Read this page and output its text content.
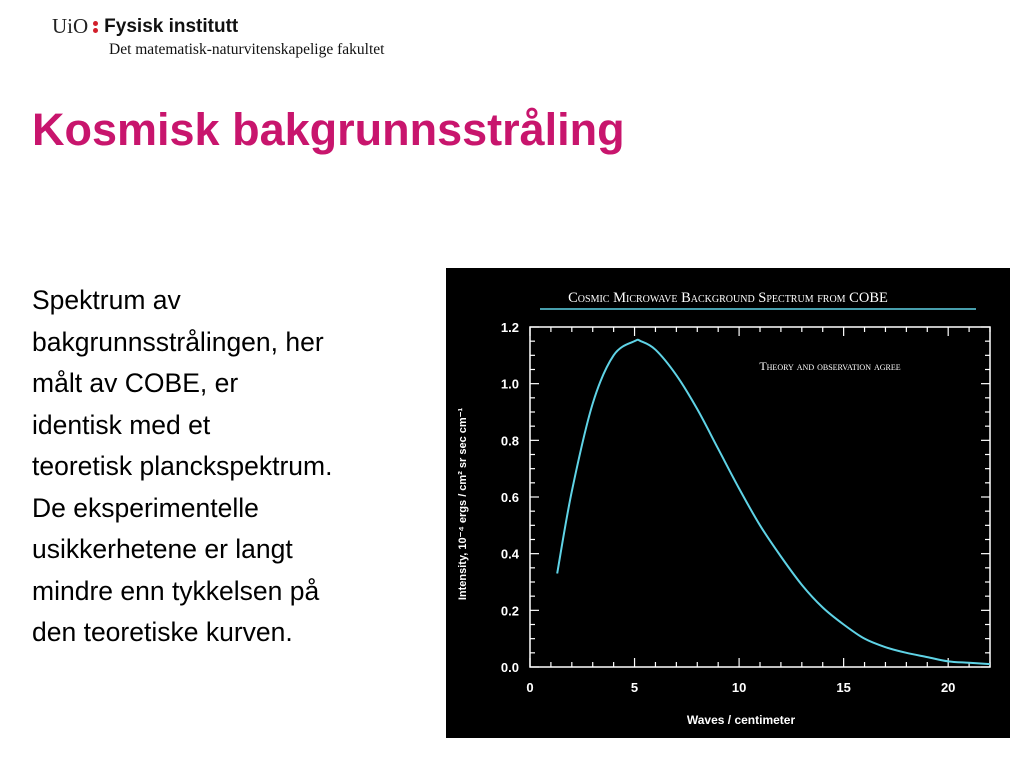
UiO Fysisk institutt
Det matematisk-naturvitenskapelige fakultet
Kosmisk bakgrunnsstråling
Spektrum av
bakgrunnsstrålingen, her
målt av COBE, er
identisk med et
teoretisk planckspektrum.
De eksperimentelle
usikkerhetene er langt
mindre enn tykkelsen på
den teoretiske kurven.
Cosmic Microwave Background Spectrum from COBE
Theory and observation agree
0	5	10	15	20
0.0
0.2
0.4
0.6
0.8
1.0
1.2
Waves / centimeter
Intensity, 10⁻⁴ ergs / cm² sr sec cm⁻¹
